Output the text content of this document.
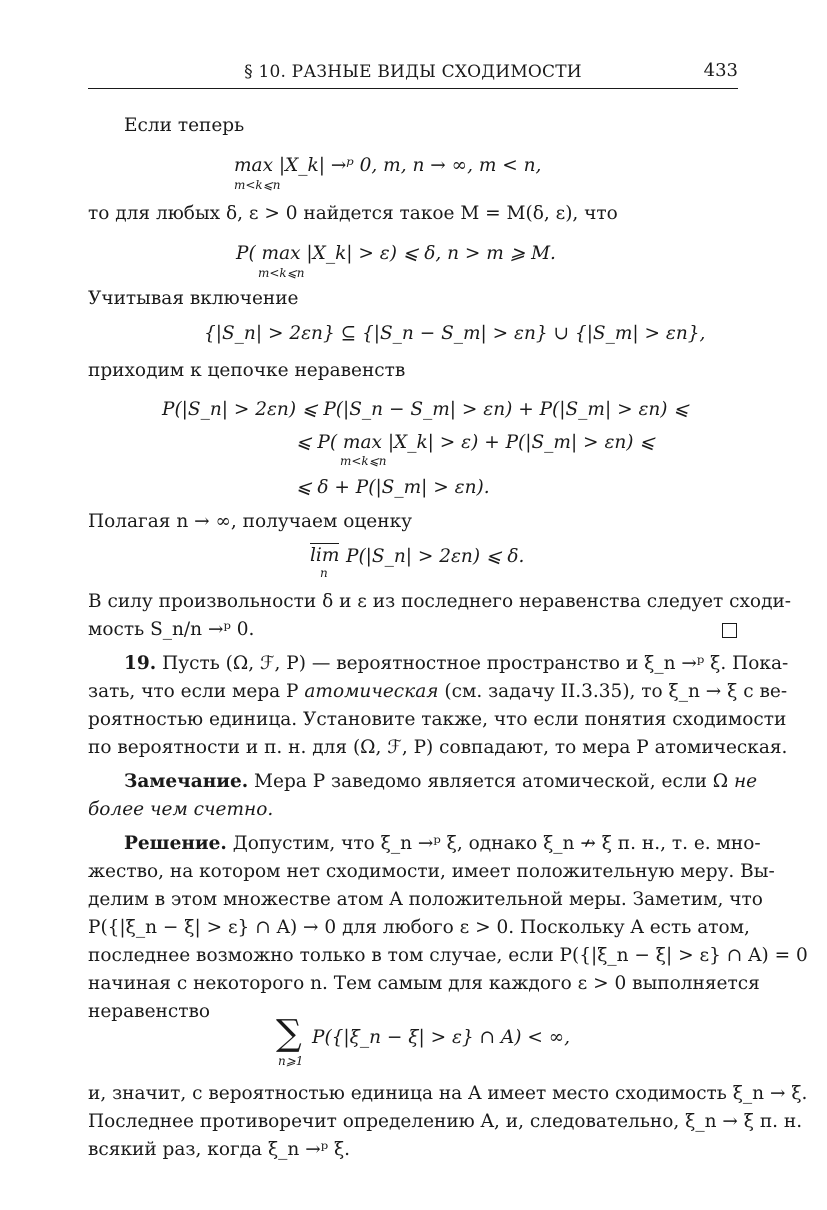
§ 10. РАЗНЫЕ ВИДЫ СХОДИМОСТИ	433
Если теперь
max |X_k| →ᵖ 0, m, n → ∞, m < n,
m<k⩽n
то для любых δ, ε > 0 найдется такое M = M(δ, ε), что
P( max |X_k| > ε) ⩽ δ, n > m ⩾ M.
m<k⩽n
Учитывая включение
{|S_n| > 2εn} ⊆ {|S_n − S_m| > εn} ∪ {|S_m| > εn},
приходим к цепочке неравенств
P(|S_n| > 2εn) ⩽ P(|S_n − S_m| > εn) + P(|S_m| > εn) ⩽
⩽ P( max |X_k| > ε) + P(|S_m| > εn) ⩽
m<k⩽n
⩽ δ + P(|S_m| > εn).
Полагая n → ∞, получаем оценку
lim
n
P(|S_n| > 2εn) ⩽ δ.
В силу произвольности δ и ε из последнего неравенства следует сходи-
мость S_n/n →ᵖ 0.
19. Пусть (Ω, ℱ, P) — вероятностное пространство и ξ_n →ᵖ ξ. Пока-
зать, что если мера P атомическая (см. задачу II.3.35), то ξ_n → ξ с ве-
роятностью единица. Установите также, что если понятия сходимости
по вероятности и п. н. для (Ω, ℱ, P) совпадают, то мера P атомическая.
Замечание. Мера P заведомо является атомической, если Ω не
более чем счетно.
Решение. Допустим, что ξ_n →ᵖ ξ, однако ξ_n ↛ ξ п. н., т. е. мно-
жество, на котором нет сходимости, имеет положительную меру. Вы-
делим в этом множестве атом A положительной меры. Заметим, что
P({|ξ_n − ξ| > ε} ∩ A) → 0 для любого ε > 0. Поскольку A есть атом,
последнее возможно только в том случае, если P({|ξ_n − ξ| > ε} ∩ A) = 0
начиная с некоторого n. Тем самым для каждого ε > 0 выполняется
неравенство
∑
n⩾1
P({|ξ_n − ξ| > ε} ∩ A) < ∞,
и, значит, с вероятностью единица на A имеет место сходимость ξ_n → ξ.
Последнее противоречит определению A, и, следовательно, ξ_n → ξ п. н.
всякий раз, когда ξ_n →ᵖ ξ.
